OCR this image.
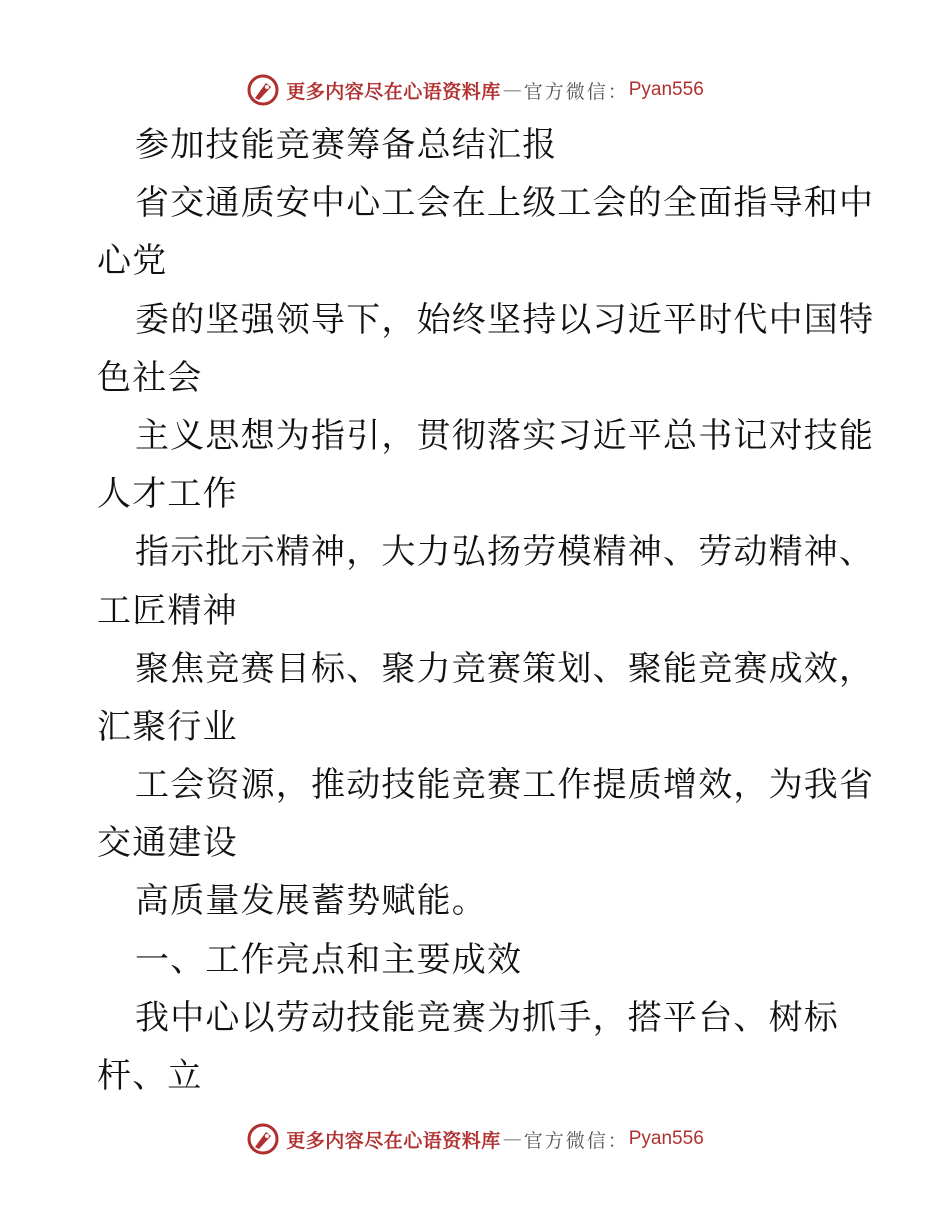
更多内容尽在心语资料库 — 官方微信： Pyan556
参加技能竞赛筹备总结汇报
省交通质安中心工会在上级工会的全面指导和中
心党
委的坚强领导下，始终坚持以习近平时代中国特
色社会
主义思想为指引，贯彻落实习近平总书记对技能
人才工作
指示批示精神，大力弘扬劳模精神、劳动精神、
工匠精神
聚焦竞赛目标、聚力竞赛策划、聚能竞赛成效，
汇聚行业
工会资源，推动技能竞赛工作提质增效，为我省
交通建设
高质量发展蓄势赋能。
一、工作亮点和主要成效
我中心以劳动技能竞赛为抓手，搭平台、树标
杆、立
更多内容尽在心语资料库 — 官方微信： Pyan556
